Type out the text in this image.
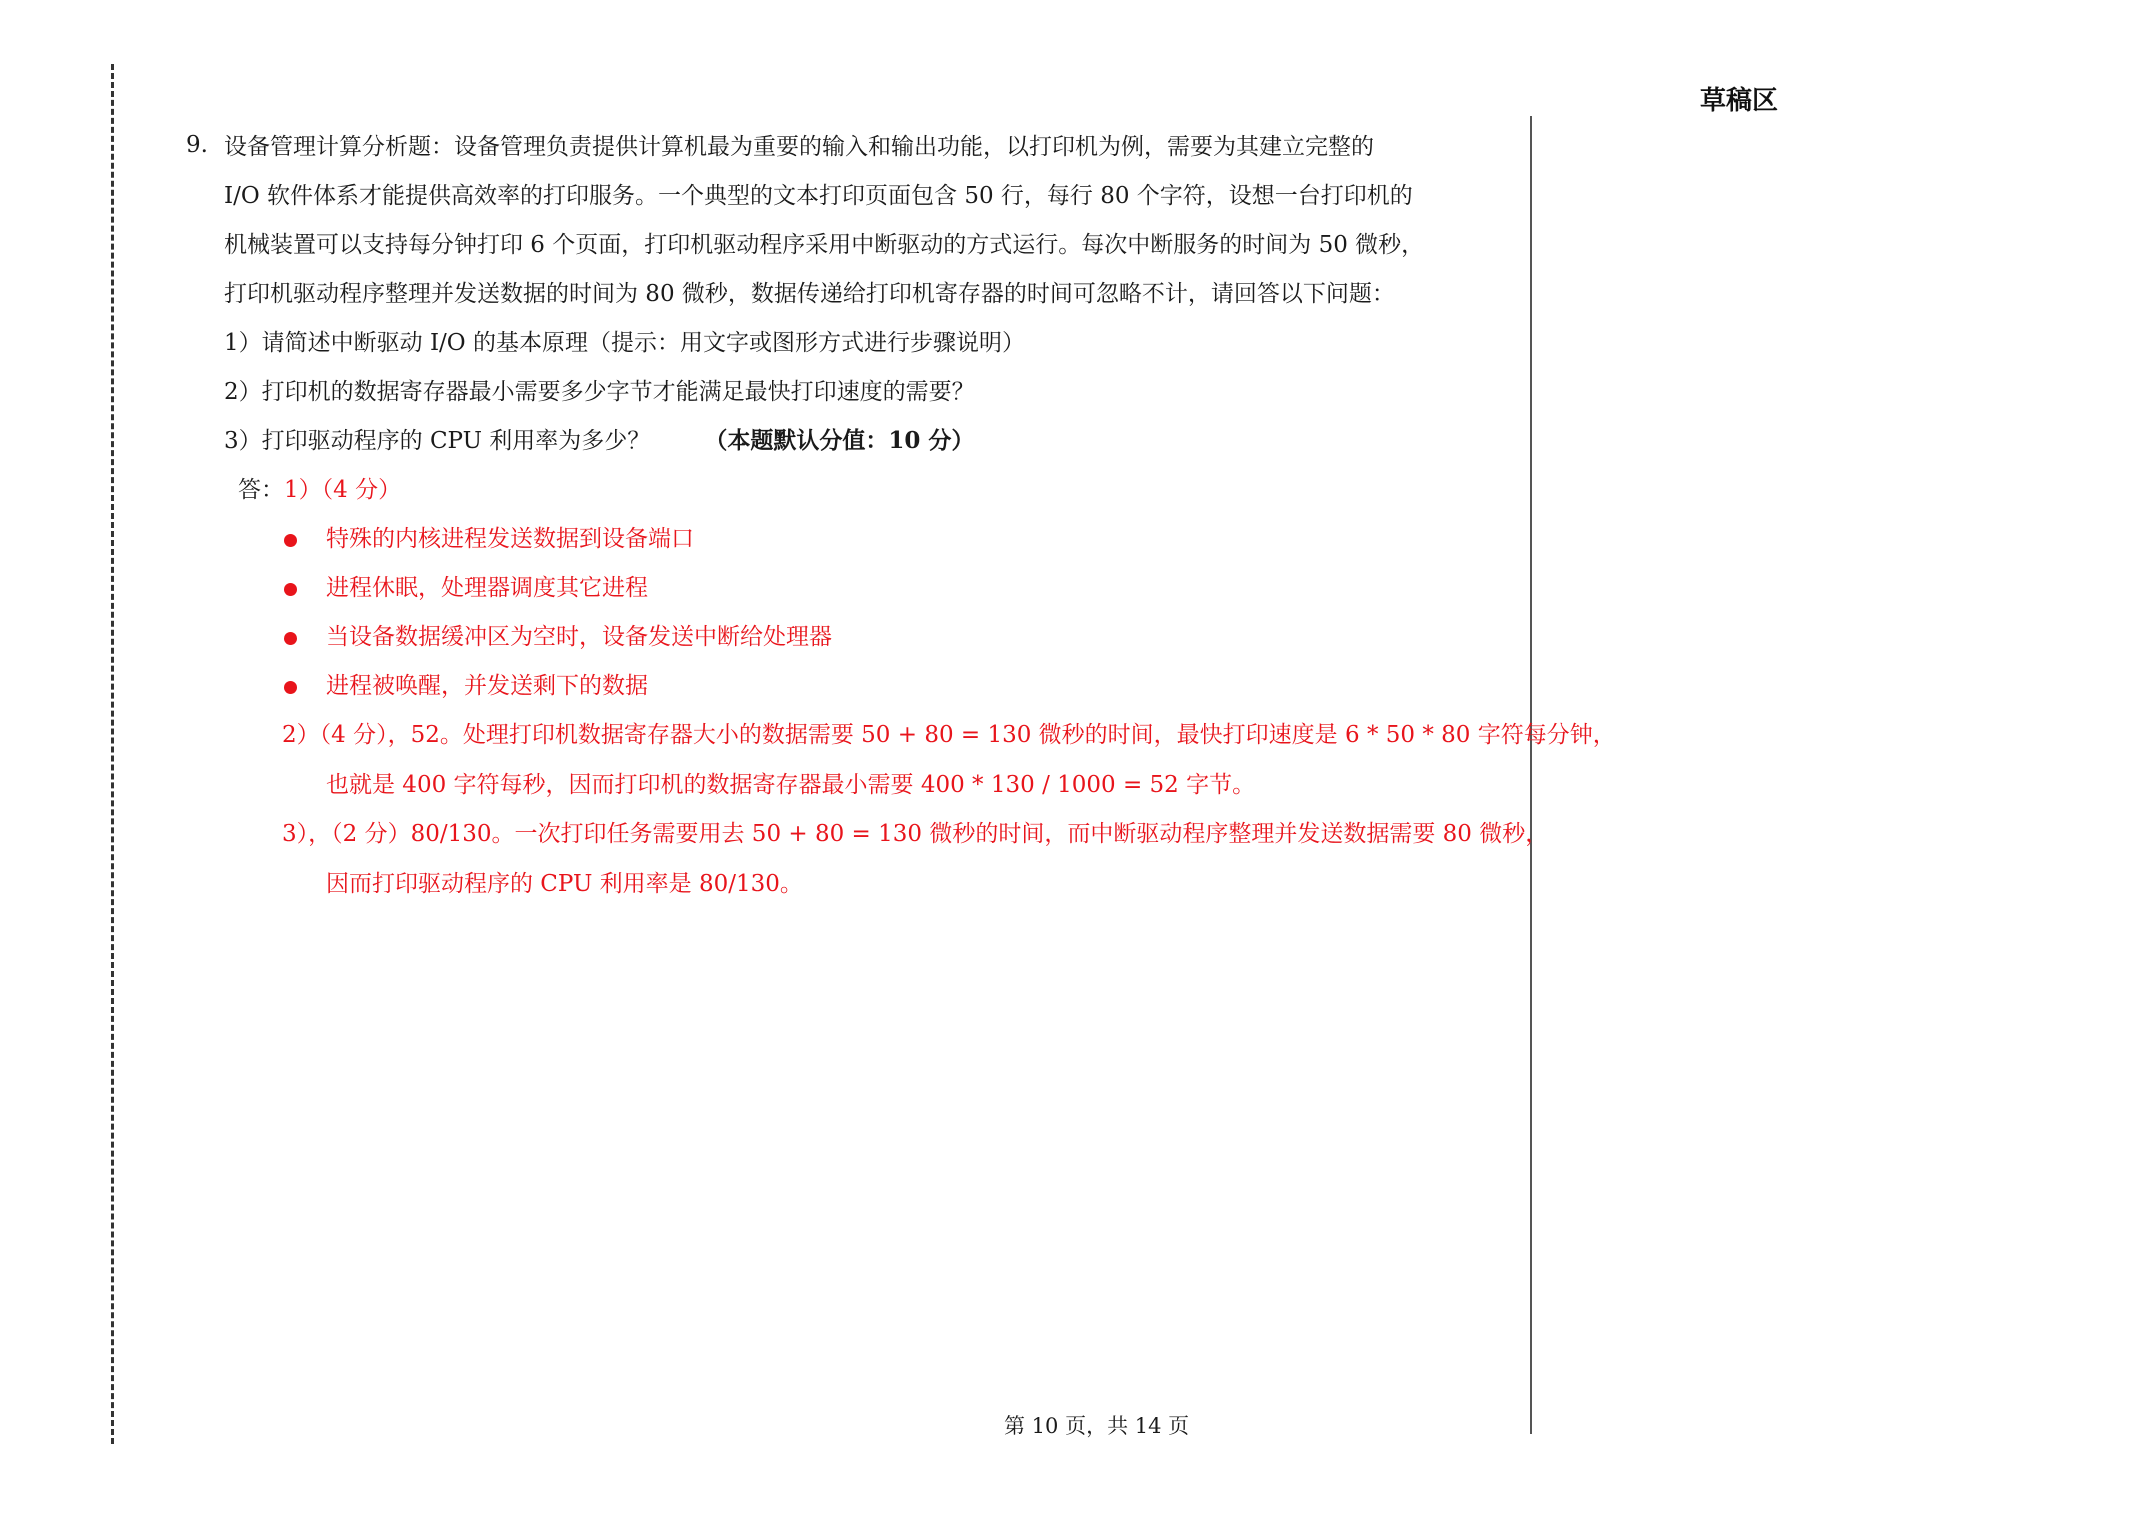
草稿区
9. 设备管理计算分析题：设备管理负责提供计算机最为重要的输入和输出功能，以打印机为例，需要为其建立完整的
I/O 软件体系才能提供高效率的打印服务。一个典型的文本打印页面包含 50 行，每行 80 个字符，设想一台打印机的
机械装置可以支持每分钟打印 6 个页面，打印机驱动程序采用中断驱动的方式运行。每次中断服务的时间为 50 微秒，
打印机驱动程序整理并发送数据的时间为 80 微秒，数据传递给打印机寄存器的时间可忽略不计，请回答以下问题：
1）请简述中断驱动 I/O 的基本原理（提示：用文字或图形方式进行步骤说明）
2）打印机的数据寄存器最小需要多少字节才能满足最快打印速度的需要？
3）打印驱动程序的 CPU 利用率为多少？ （本题默认分值：10 分）
答：1）（4 分）
特殊的内核进程发送数据到设备端口
进程休眠，处理器调度其它进程
当设备数据缓冲区为空时，设备发送中断给处理器
进程被唤醒，并发送剩下的数据
2）（4 分），52。处理打印机数据寄存器大小的数据需要 50 + 80 = 130 微秒的时间，最快打印速度是 6 * 50 * 80 字符每分钟，
也就是 400 字符每秒，因而打印机的数据寄存器最小需要 400 * 130 / 1000 = 52 字节。
3），（2 分）80/130。一次打印任务需要用去 50 + 80 = 130 微秒的时间，而中断驱动程序整理并发送数据需要 80 微秒，
因而打印驱动程序的 CPU 利用率是 80/130。
第 10 页，共 14 页
